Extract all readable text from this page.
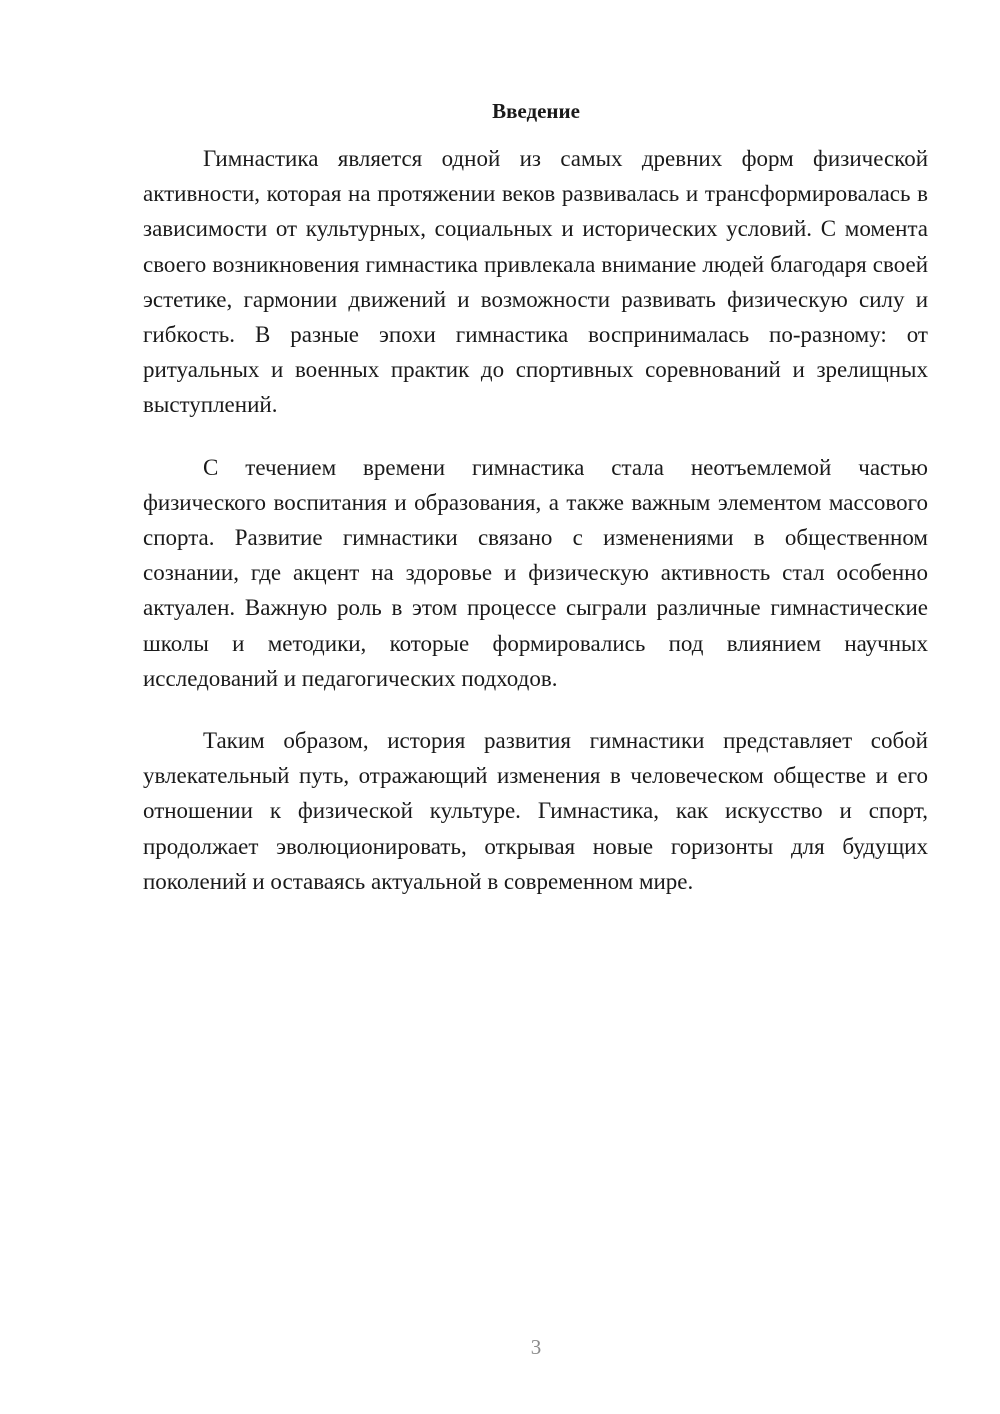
Введение

Гимнастика является одной из самых древних форм физической активности, которая на протяжении веков развивалась и трансформировалась в зависимости от культурных, социальных и исторических условий. С момента своего возникновения гимнастика привлекала внимание людей благодаря своей эстетике, гармонии движений и возможности развивать физическую силу и гибкость. В разные эпохи гимнастика воспринималась по-разному: от ритуальных и военных практик до спортивных соревнований и зрелищных выступлений.

С течением времени гимнастика стала неотъемлемой частью физического воспитания и образования, а также важным элементом массового спорта. Развитие гимнастики связано с изменениями в общественном сознании, где акцент на здоровье и физическую активность стал особенно актуален. Важную роль в этом процессе сыграли различные гимнастические школы и методики, которые формировались под влиянием научных исследований и педагогических подходов.

Таким образом, история развития гимнастики представляет собой увлекательный путь, отражающий изменения в человеческом обществе и его отношении к физической культуре. Гимнастика, как искусство и спорт, продолжает эволюционировать, открывая новые горизонты для будущих поколений и оставаясь актуальной в современном мире.

3
